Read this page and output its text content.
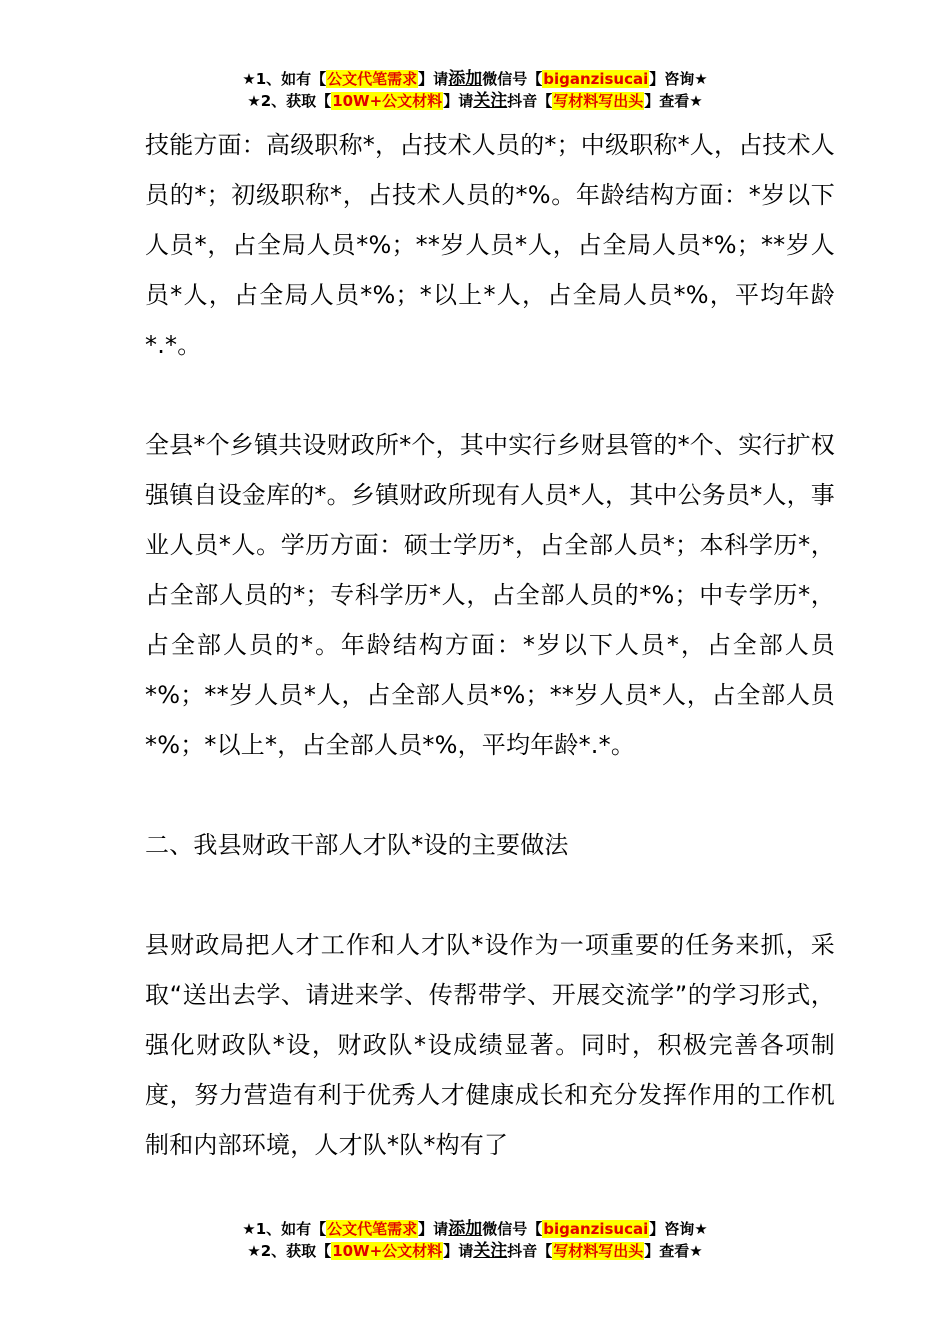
★1、如有【公文代笔需求】请添加微信号【biganzisucai】咨询★
★2、获取【10W+公文材料】请关注抖音【写材料写出头】查看★

技能方面：高级职称*，占技术人员的*；中级职称*人，占技术人员的*；初级职称*，占技术人员的*%。年龄结构方面：*岁以下人员*，占全局人员*%；**岁人员*人，占全局人员*%；**岁人员*人，占全局人员*%；*以上*人，占全局人员*%，平均年龄*.*。

全县*个乡镇共设财政所*个，其中实行乡财县管的*个、实行扩权强镇自设金库的*。乡镇财政所现有人员*人，其中公务员*人，事业人员*人。学历方面：硕士学历*，占全部人员*；本科学历*，占全部人员的*；专科学历*人，占全部人员的*%；中专学历*，占全部人员的*。年龄结构方面：*岁以下人员*，占全部人员*%；**岁人员*人，占全部人员*%；**岁人员*人，占全部人员*%；*以上*，占全部人员*%，平均年龄*.*。

二、我县财政干部人才队*设的主要做法

县财政局把人才工作和人才队*设作为一项重要的任务来抓，采取“送出去学、请进来学、传帮带学、开展交流学”的学习形式，强化财政队*设，财政队*设成绩显著。同时，积极完善各项制度，努力营造有利于优秀人才健康成长和充分发挥作用的工作机制和内部环境，人才队*队*构有了

★1、如有【公文代笔需求】请添加微信号【biganzisucai】咨询★
★2、获取【10W+公文材料】请关注抖音【写材料写出头】查看★
